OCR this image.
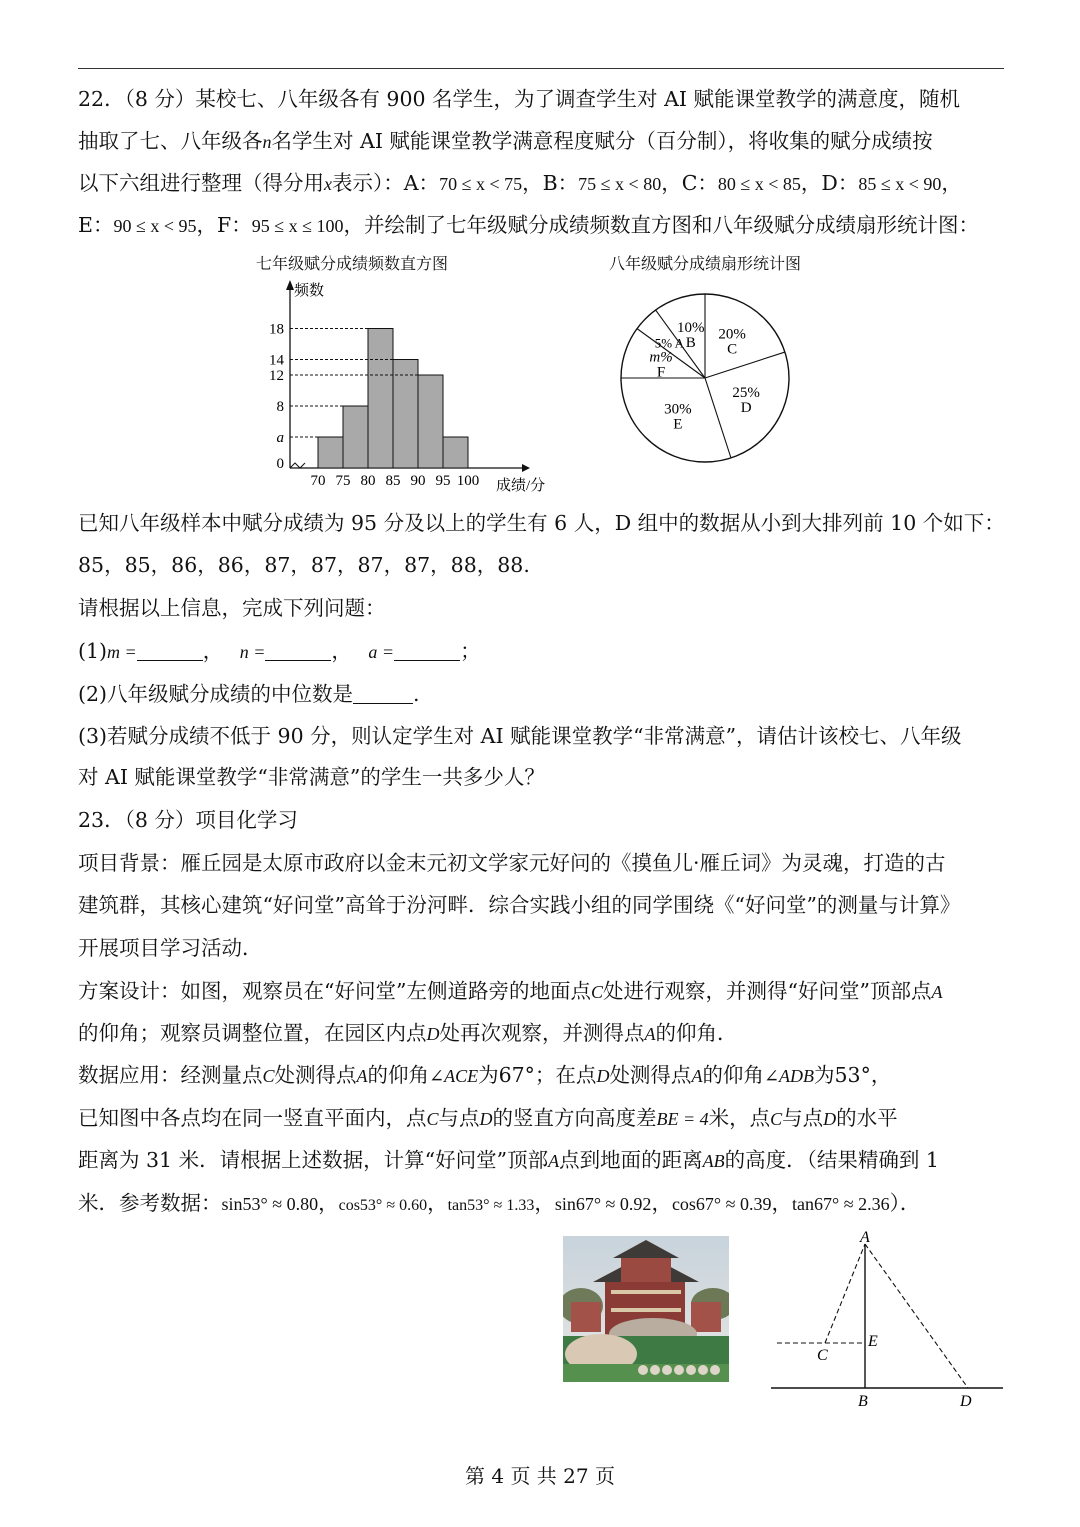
22．（8 分）某校七、八年级各有 900 名学生，为了调查学生对 AI 赋能课堂教学的满意度，随机
抽取了七、八年级各n名学生对 AI 赋能课堂教学满意程度赋分（百分制），将收集的赋分成绩按
以下六组进行整理（得分用x表示）：A：70 ≤ x < 75，B：75 ≤ x < 80，C：80 ≤ x < 85，D：85 ≤ x < 90，
E：90 ≤ x < 95，F：95 ≤ x ≤ 100，并绘制了七年级赋分成绩频数直方图和八年级赋分成绩扇形统计图：
七年级赋分成绩频数直方图	八年级赋分成绩扇形统计图
频数
成绩/分
0
a
8
12
14
18
70 75 80 85 90 95 100
20%
C
25%
D
30%
E
m%
F
5% A
10%
B
已知八年级样本中赋分成绩为 95 分及以上的学生有 6 人，D 组中的数据从小到大排列前 10 个如下：
85，85，86，86，87，87，87，87，88，88.
请根据以上信息，完成下列问题：
(1)m =	， n =	， a =	；
(2)八年级赋分成绩的中位数是	.
(3)若赋分成绩不低于 90 分，则认定学生对 AI 赋能课堂教学“非常满意”，请估计该校七、八年级
对 AI 赋能课堂教学“非常满意”的学生一共多少人？
23．（8 分）项目化学习
项目背景：雁丘园是太原市政府以金末元初文学家元好问的《摸鱼儿·雁丘词》为灵魂，打造的古
建筑群，其核心建筑“好问堂”高耸于汾河畔．综合实践小组的同学围绕《“好问堂”的测量与计算》
开展项目学习活动．
方案设计：如图，观察员在“好问堂”左侧道路旁的地面点C处进行观察，并测得“好问堂”顶部点A
的仰角；观察员调整位置，在园区内点D处再次观察，并测得点A的仰角．
数据应用：经测量点C处测得点A的仰角∠ACE为67°；在点D处测得点A的仰角∠ADB为53°，
已知图中各点均在同一竖直平面内，点C与点D的竖直方向高度差BE = 4米，点C与点D的水平
距离为 31 米．请根据上述数据，计算“好问堂”顶部A点到地面的距离AB的高度．（结果精确到 1
米．参考数据：sin53° ≈ 0.80，cos53° ≈ 0.60，tan53° ≈ 1.33，sin67° ≈ 0.92，cos67° ≈ 0.39，tan67° ≈ 2.36）．
A
E
C
B	D
第 4 页 共 27 页
